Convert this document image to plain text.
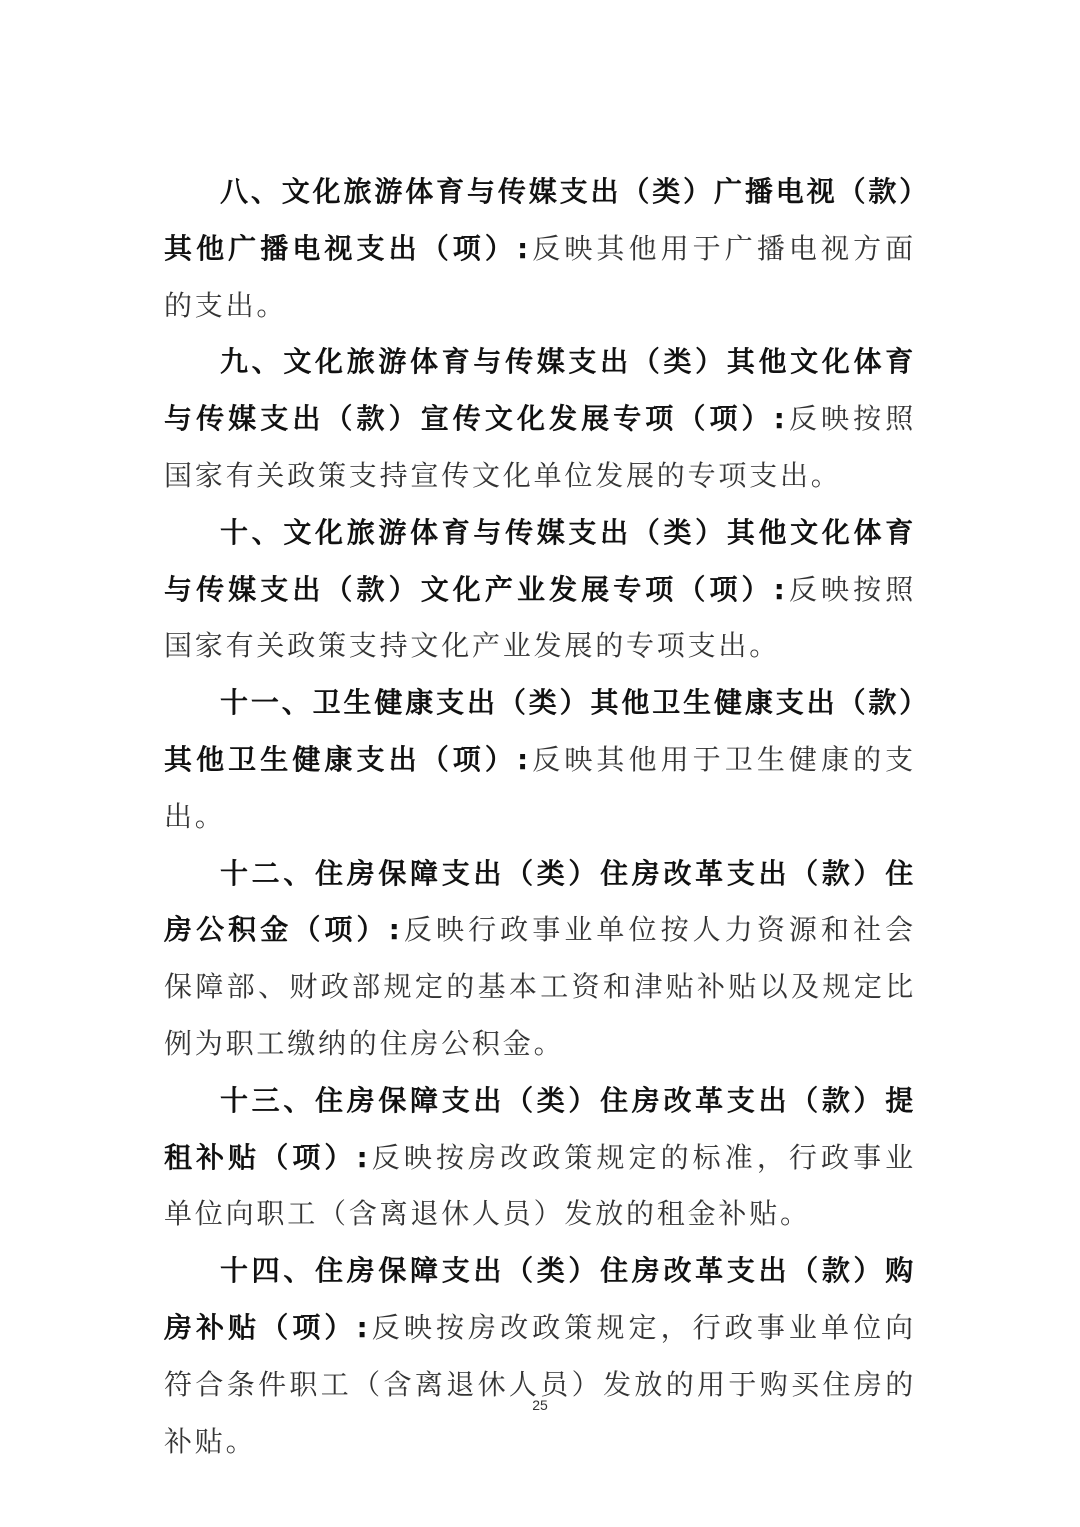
八、文化旅游体育与传媒支出（类）广播电视（款）其他广播电视支出（项）:反映其他用于广播电视方面的支出。

九、文化旅游体育与传媒支出（类）其他文化体育与传媒支出（款）宣传文化发展专项（项）:反映按照国家有关政策支持宣传文化单位发展的专项支出。

十、文化旅游体育与传媒支出（类）其他文化体育与传媒支出（款）文化产业发展专项（项）:反映按照国家有关政策支持文化产业发展的专项支出。

十一、卫生健康支出（类）其他卫生健康支出（款）其他卫生健康支出（项）:反映其他用于卫生健康的支出。

十二、住房保障支出（类）住房改革支出（款）住房公积金（项）:反映行政事业单位按人力资源和社会保障部、财政部规定的基本工资和津贴补贴以及规定比例为职工缴纳的住房公积金。

十三、住房保障支出（类）住房改革支出（款）提租补贴（项）:反映按房改政策规定的标准，行政事业单位向职工（含离退休人员）发放的租金补贴。

十四、住房保障支出（类）住房改革支出（款）购房补贴（项）:反映按房改政策规定，行政事业单位向符合条件职工（含离退休人员）发放的用于购买住房的补贴。

25
